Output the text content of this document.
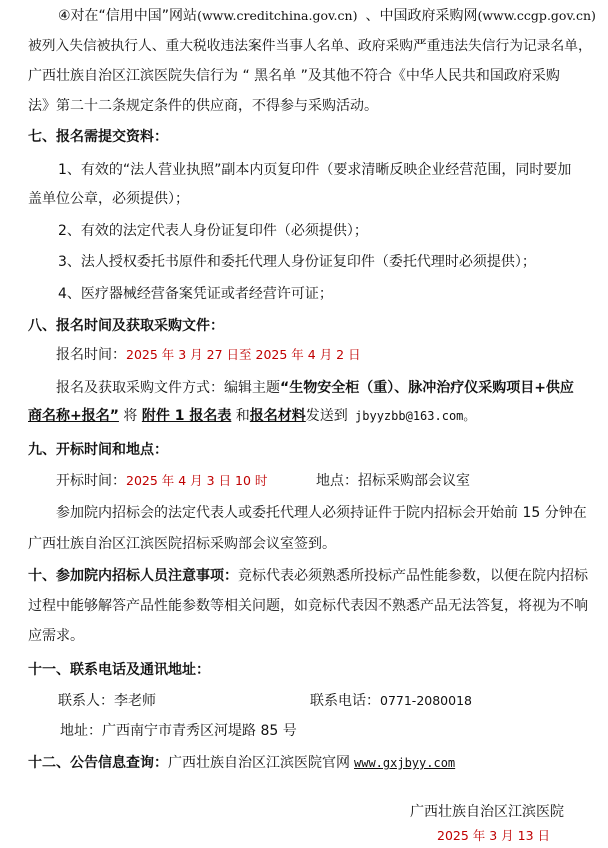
④对在“信用中国”网站(www.creditchina.gov.cn) 、中国政府采购网(www.ccgp.gov.cn)
被列入失信被执行人、重大税收违法案件当事人名单、政府采购严重违法失信行为记录名单，
广西壮族自治区江滨医院失信行为 “ 黑名单 ”及其他不符合《中华人民共和国政府采购
法》第二十二条规定条件的供应商，不得参与采购活动。
七、报名需提交资料：
1、有效的“法人营业执照”副本内页复印件（要求清晰反映企业经营范围，同时要加
盖单位公章，必须提供）；
2、有效的法定代表人身份证复印件（必须提供）；
3、法人授权委托书原件和委托代理人身份证复印件（委托代理时必须提供）；
4、医疗器械经营备案凭证或者经营许可证；
八、报名时间及获取采购文件：
报名时间：2025 年 3 月 27 日至 2025 年 4 月 2 日
报名及获取采购文件方式：编辑主题“生物安全柜（重）、脉冲治疗仪采购项目+供应
商名称+报名” 将 附件 1 报名表 和报名材料发送到 jbyyzbb@163.com。
九、开标时间和地点：
开标时间：2025 年 4 月 3 日 10 时	地点：招标采购部会议室
参加院内招标会的法定代表人或委托代理人必须持证件于院内招标会开始前 15 分钟在
广西壮族自治区江滨医院招标采购部会议室签到。
十、参加院内招标人员注意事项：竞标代表必须熟悉所投标产品性能参数，以便在院内招标
过程中能够解答产品性能参数等相关问题，如竞标代表因不熟悉产品无法答复，将视为不响
应需求。
十一、联系电话及通讯地址：
联系人：李老师	联系电话：0771-2080018
地址：广西南宁市青秀区河堤路 85 号
十二、公告信息查询：广西壮族自治区江滨医院官网 www.gxjbyy.com
广西壮族自治区江滨医院
2025 年 3 月 13 日
